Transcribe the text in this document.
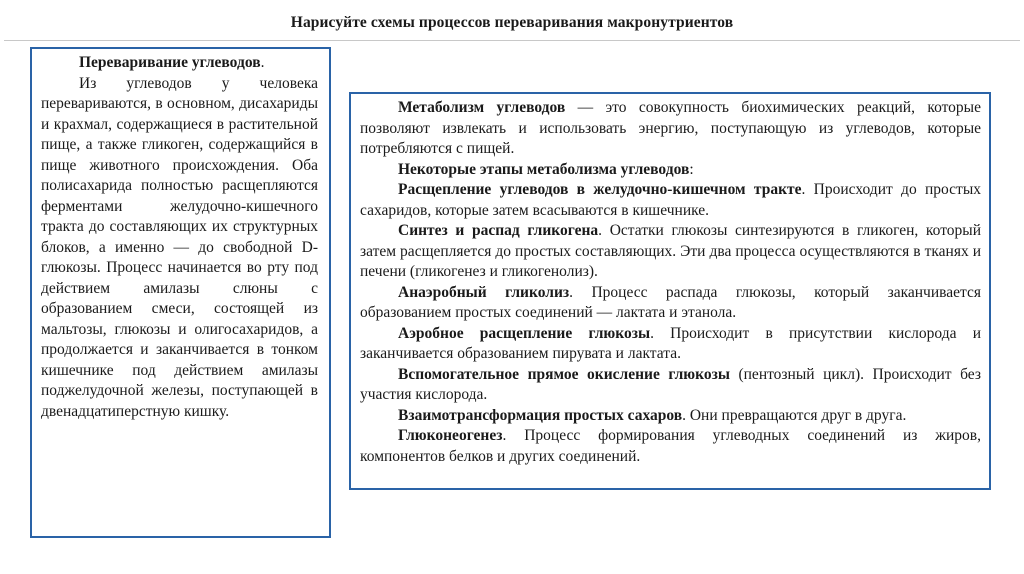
Нарисуйте схемы процессов переваривания макронутриентов

Переваривание углеводов.

Из углеводов у человека перевариваются, в основном, дисахариды и крахмал, содержащиеся в растительной пище, а также гликоген, содержащийся в пище животного происхождения. Оба полисахарида полностью расщепляются ферментами желудочно-кишечного тракта до составляющих их структурных блоков, а именно — до свободной D-глюкозы. Процесс начинается во рту под действием амилазы слюны с образованием смеси, состоящей из мальтозы, глюкозы и олигосахаридов, а продолжается и заканчивается в тонком кишечнике под действием амилазы поджелудочной железы, поступающей в двенадцатиперстную кишку.

Метаболизм углеводов — это совокупность биохимических реакций, которые позволяют извлекать и использовать энергию, поступающую из углеводов, которые потребляются с пищей.

Некоторые этапы метаболизма углеводов:

Расщепление углеводов в желудочно-кишечном тракте. Происходит до простых сахаридов, которые затем всасываются в кишечнике.

Синтез и распад гликогена. Остатки глюкозы синтезируются в гликоген, который затем расщепляется до простых составляющих. Эти два процесса осуществляются в тканях и печени (гликогенез и гликогенолиз).

Анаэробный гликолиз. Процесс распада глюкозы, который заканчивается образованием простых соединений — лактата и этанола.

Аэробное расщепление глюкозы. Происходит в присутствии кислорода и заканчивается образованием пирувата и лактата.

Вспомогательное прямое окисление глюкозы (пентозный цикл). Происходит без участия кислорода.

Взаимотрансформация простых сахаров. Они превращаются друг в друга.

Глюконеогенез. Процесс формирования углеводных соединений из жиров, компонентов белков и других соединений.
